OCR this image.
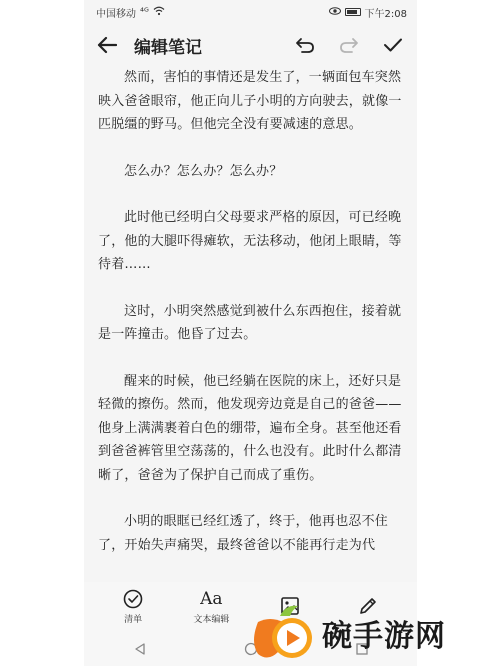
中国移动 ⁴ᴳ	下午2:08
编辑笔记

然而，害怕的事情还是发生了，一辆面包车突然映入爸爸眼帘，他正向儿子小明的方向驶去，就像一匹脱缰的野马。但他完全没有要减速的意思。

怎么办？怎么办？怎么办？

此时他已经明白父母要求严格的原因，可已经晚了，他的大腿吓得瘫软，无法移动，他闭上眼睛，等待着……

这时，小明突然感觉到被什么东西抱住，接着就是一阵撞击。他昏了过去。

醒来的时候，他已经躺在医院的床上，还好只是轻微的擦伤。然而，他发现旁边竟是自己的爸爸——他身上满满裹着白色的绷带，遍布全身。甚至他还看到爸爸裤管里空荡荡的，什么也没有。此时什么都清晰了，爸爸为了保护自己而成了重伤。

小明的眼眶已经红透了，终于，他再也忍不住了，开始失声痛哭，最终爸爸以不能再行走为代

清单
Aa
文本编辑	碗手游网
